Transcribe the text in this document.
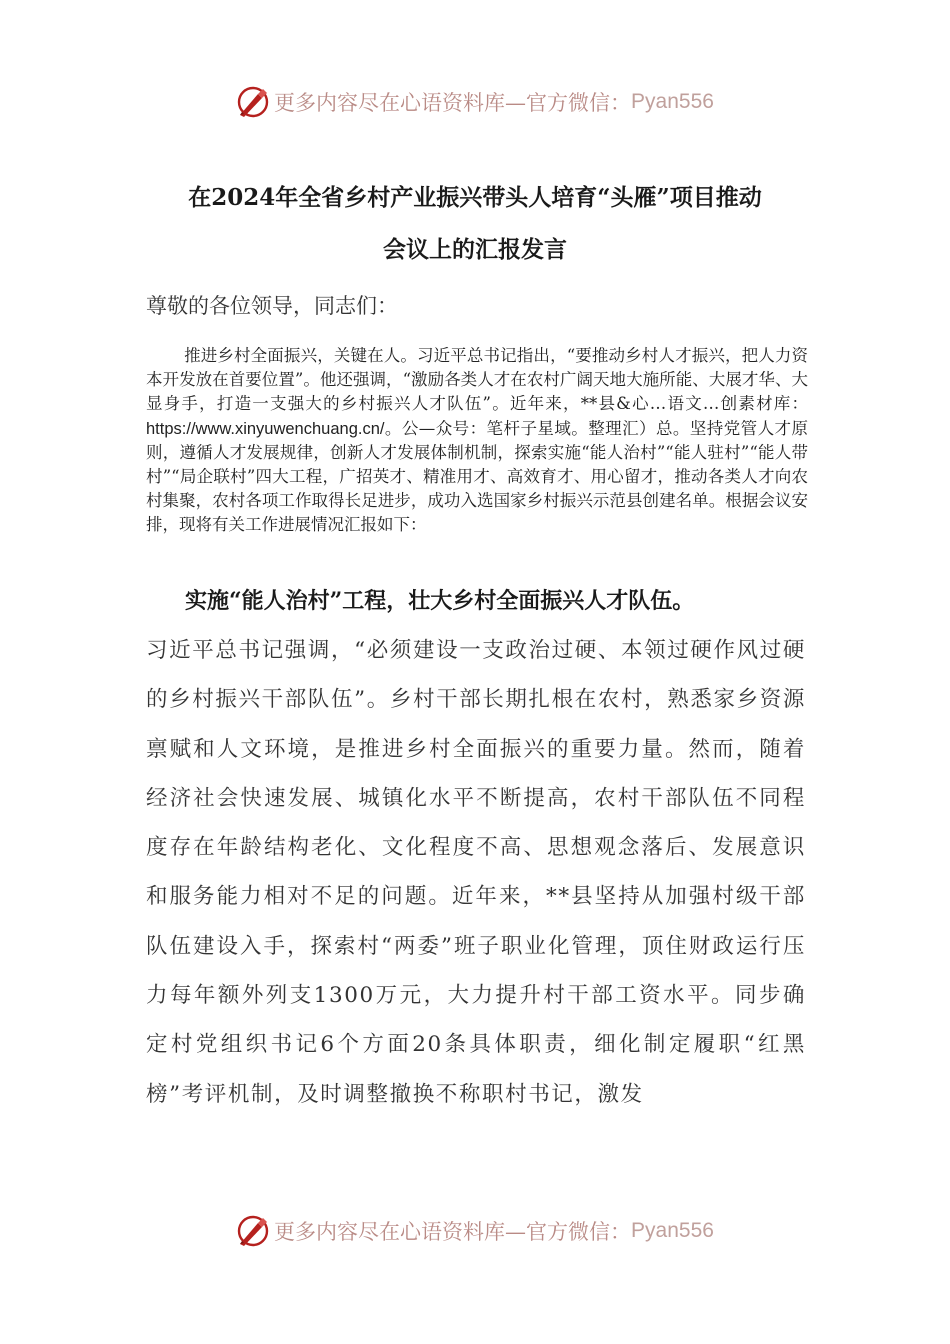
更多内容尽在心语资料库—官方微信： Pyan556
在2024年全省乡村产业振兴带头人培育“头雁”项目推动
会议上的汇报发言

尊敬的各位领导，同志们：

推进乡村全面振兴，关键在人。习近平总书记指出，“要推动乡村人才振兴，把人力资本开发放在首要位置”。他还强调，“激励各类人才在农村广阔天地大施所能、大展才华、大显身手，打造一支强大的乡村振兴人才队伍”。近年来，**县&心…语文…创素材库：https://www.xinyuwenchuang.cn/。公—众号：笔杆子星域。整理汇）总。坚持党管人才原则，遵循人才发展规律，创新人才发展体制机制，探索实施“能人治村”“能人驻村”“能人带村”“局企联村”四大工程，广招英才、精准用才、高效育才、用心留才，推动各类人才向农村集聚，农村各项工作取得长足进步，成功入选国家乡村振兴示范县创建名单。根据会议安排，现将有关工作进展情况汇报如下：

实施“能人治村”工程，壮大乡村全面振兴人才队伍。

习近平总书记强调，“必须建设一支政治过硬、本领过硬作风过硬的乡村振兴干部队伍”。乡村干部长期扎根在农村，熟悉家乡资源禀赋和人文环境，是推进乡村全面振兴的重要力量。然而，随着经济社会快速发展、城镇化水平不断提高，农村干部队伍不同程度存在年龄结构老化、文化程度不高、思想观念落后、发展意识和服务能力相对不足的问题。近年来，**县坚持从加强村级干部队伍建设入手，探索村“两委”班子职业化管理，顶住财政运行压力每年额外列支1300万元，大力提升村干部工资水平。同步确定村党组织书记6个方面20条具体职责，细化制定履职“红黑榜”考评机制，及时调整撤换不称职村书记，激发

更多内容尽在心语资料库—官方微信： Pyan556
